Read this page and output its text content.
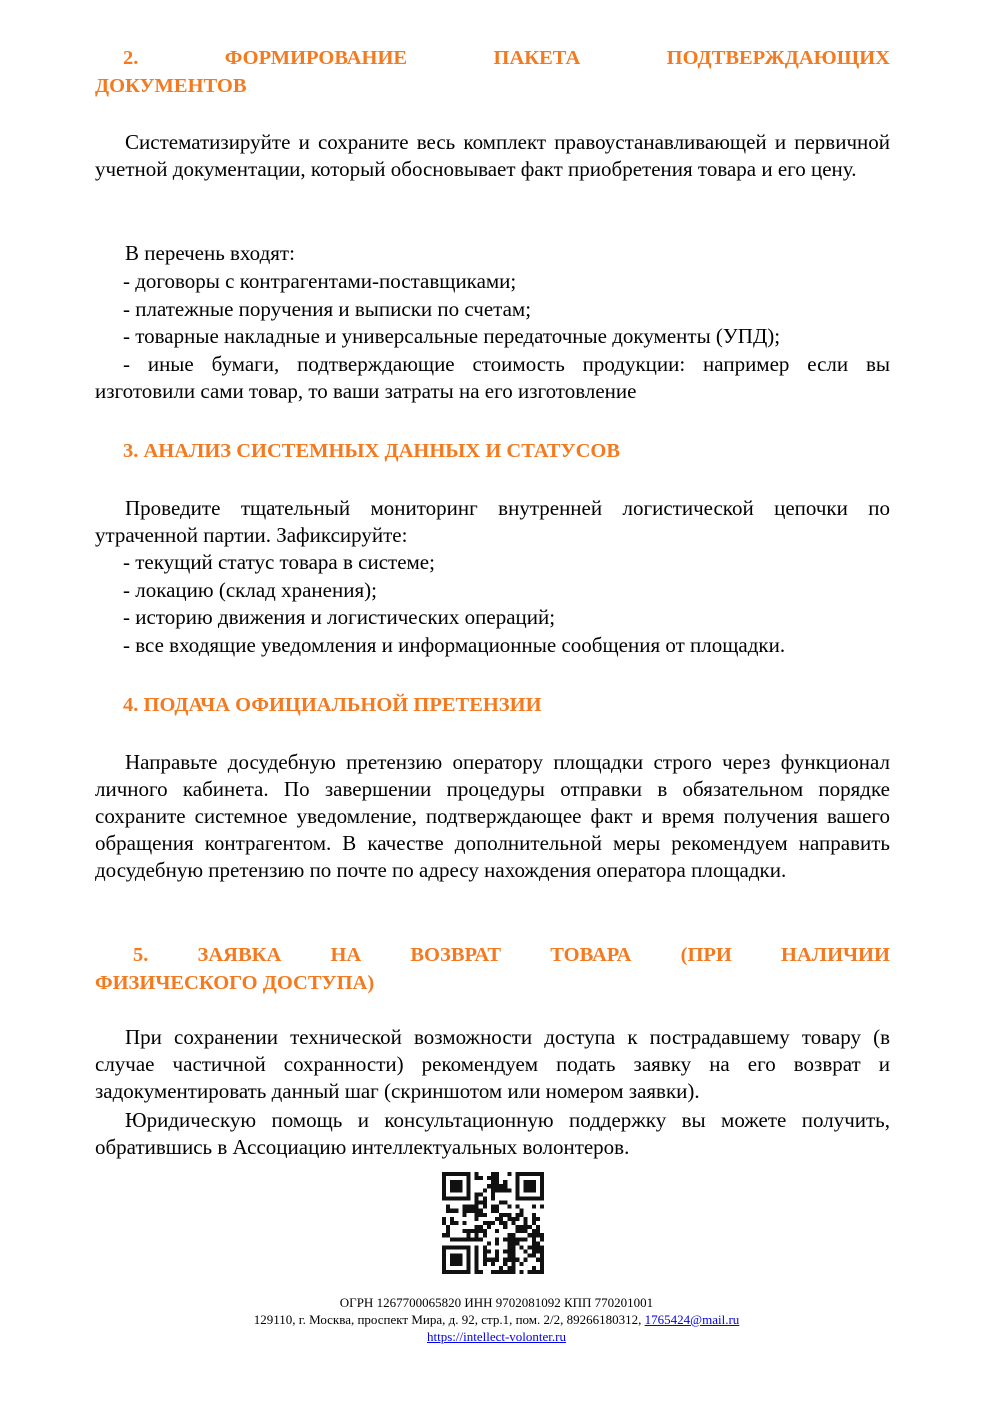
2.	ФОРМИРОВАНИЕ	ПАКЕТА	ПОДТВЕРЖДАЮЩИХ
ДОКУМЕНТОВ

Систематизируйте и сохраните весь комплект правоустанавливающей и первичной учетной документации, который обосновывает факт приобретения товара и его цену.

В перечень входят:

- договоры с контрагентами-поставщиками;
- платежные поручения и выписки по счетам;
- товарные накладные и универсальные передаточные документы (УПД);
- иные бумаги, подтверждающие стоимость продукции: например если вы изготовили сами товар, то ваши затраты на его изготовление
3. АНАЛИЗ СИСТЕМНЫХ ДАННЫХ И СТАТУСОВ

Проведите тщательный мониторинг внутренней логистической цепочки по утраченной партии. Зафиксируйте:

- текущий статус товара в системе;
- локацию (склад хранения);
- историю движения и логистических операций;
- все входящие уведомления и информационные сообщения от площадки.
4. ПОДАЧА ОФИЦИАЛЬНОЙ ПРЕТЕНЗИИ

Направьте досудебную претензию оператору площадки строго через функционал личного кабинета. По завершении процедуры отправки в обязательном порядке сохраните системное уведомление, подтверждающее факт и время получения вашего обращения контрагентом. В качестве дополнительной меры рекомендуем направить досудебную претензию по почте по адресу нахождения оператора площадки.

5. ЗАЯВКА НА ВОЗВРАТ ТОВАРА (ПРИ НАЛИЧИИ
ФИЗИЧЕСКОГО ДОСТУПА)

При сохранении технической возможности доступа к пострадавшему товару (в случае частичной сохранности) рекомендуем подать заявку на его возврат и задокументировать данный шаг (скриншотом или номером заявки).

Юридическую помощь и консультационную поддержку вы можете получить, обратившись в Ассоциацию интеллектуальных волонтеров.

ОГРН 1267700065820 ИНН 9702081092 КПП 770201001
129110, г. Москва, проспект Мира, д. 92, стр.1, пом. 2/2, 89266180312, 1765424@mail.ru
https://intellect-volonter.ru
